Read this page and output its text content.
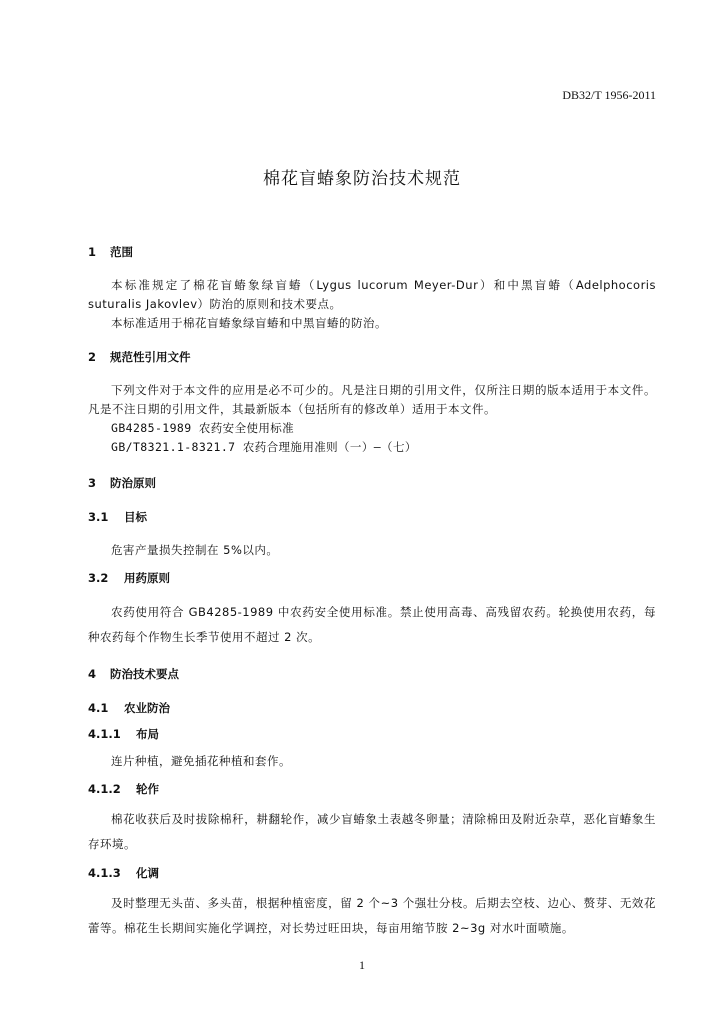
DB32/T 1956-2011
棉花盲蝽象防治技术规范
1 范围

本标准规定了棉花盲蝽象绿盲蝽（Lygus lucorum Meyer-Dur）和中黑盲蝽（Adelphocoris suturalis Jakovlev）防治的原则和技术要点。

本标准适用于棉花盲蝽象绿盲蝽和中黑盲蝽的防治。

2 规范性引用文件

下列文件对于本文件的应用是必不可少的。凡是注日期的引用文件，仅所注日期的版本适用于本文件。凡是不注日期的引用文件，其最新版本（包括所有的修改单）适用于本文件。

GB4285-1989 农药安全使用标准

GB/T8321.1-8321.7 农药合理施用准则（一）—（七）

3 防治原则
3.1 目标

危害产量损失控制在 5%以内。

3.2 用药原则

农药使用符合 GB4285-1989 中农药安全使用标准。禁止使用高毒、高残留农药。轮换使用农药，每种农药每个作物生长季节使用不超过 2 次。

4 防治技术要点
4.1 农业防治
4.1.1 布局

连片种植，避免插花种植和套作。

4.1.2 轮作

棉花收获后及时拔除棉秆，耕翻轮作，减少盲蝽象土表越冬卵量；清除棉田及附近杂草，恶化盲蝽象生存环境。

4.1.3 化调

及时整理无头苗、多头苗，根据种植密度，留 2 个~3 个强壮分枝。后期去空枝、边心、赘芽、无效花蕾等。棉花生长期间实施化学调控，对长势过旺田块，每亩用缩节胺 2~3g 对水叶面喷施。

1
